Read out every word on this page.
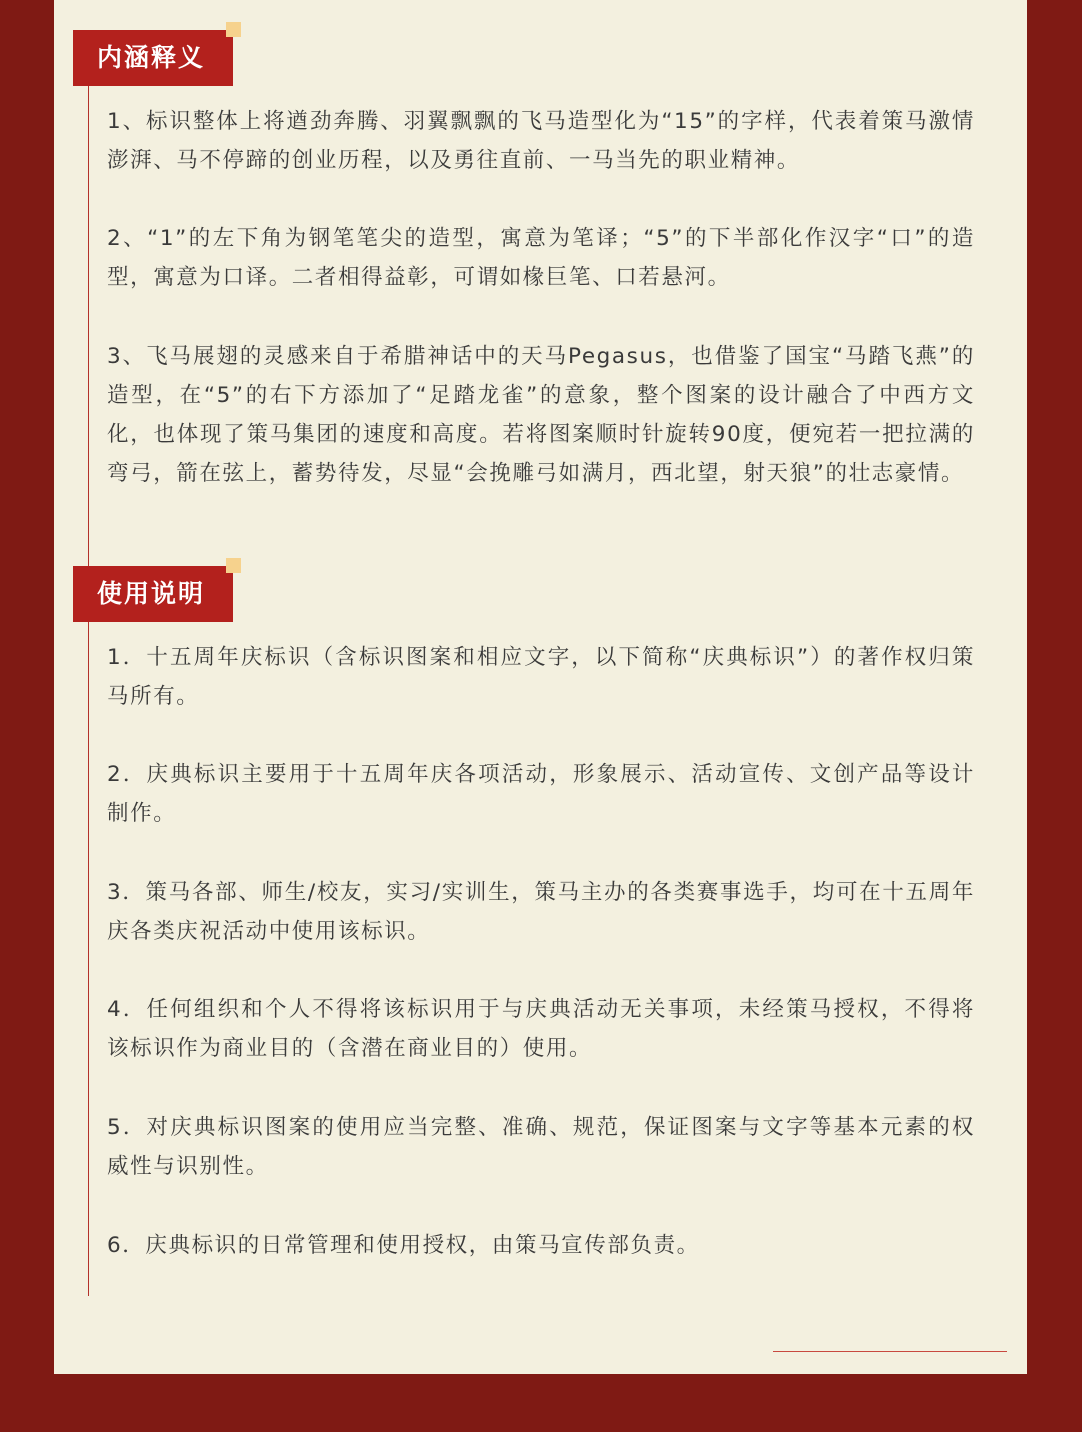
内涵释义

1、标识整体上将遒劲奔腾、羽翼飘飘的飞马造型化为“15”的字样，代表着策马激情澎湃、马不停蹄的创业历程，以及勇往直前、一马当先的职业精神。

2、“1”的左下角为钢笔笔尖的造型，寓意为笔译；“5”的下半部化作汉字“口”的造型，寓意为口译。二者相得益彰，可谓如椽巨笔、口若悬河。

3、飞马展翅的灵感来自于希腊神话中的天马Pegasus，也借鉴了国宝“马踏飞燕”的造型，在“5”的右下方添加了“足踏龙雀”的意象，整个图案的设计融合了中西方文化，也体现了策马集团的速度和高度。若将图案顺时针旋转90度，便宛若一把拉满的弯弓，箭在弦上，蓄势待发，尽显“会挽雕弓如满月，西北望，射天狼”的壮志豪情。

使用说明

1．十五周年庆标识（含标识图案和相应文字，以下简称“庆典标识”）的著作权归策马所有。

2．庆典标识主要用于十五周年庆各项活动，形象展示、活动宣传、文创产品等设计制作。

3．策马各部、师生/校友，实习/实训生，策马主办的各类赛事选手，均可在十五周年庆各类庆祝活动中使用该标识。

4．任何组织和个人不得将该标识用于与庆典活动无关事项，未经策马授权，不得将该标识作为商业目的（含潜在商业目的）使用。

5．对庆典标识图案的使用应当完整、准确、规范，保证图案与文字等基本元素的权威性与识别性。

6．庆典标识的日常管理和使用授权，由策马宣传部负责。
